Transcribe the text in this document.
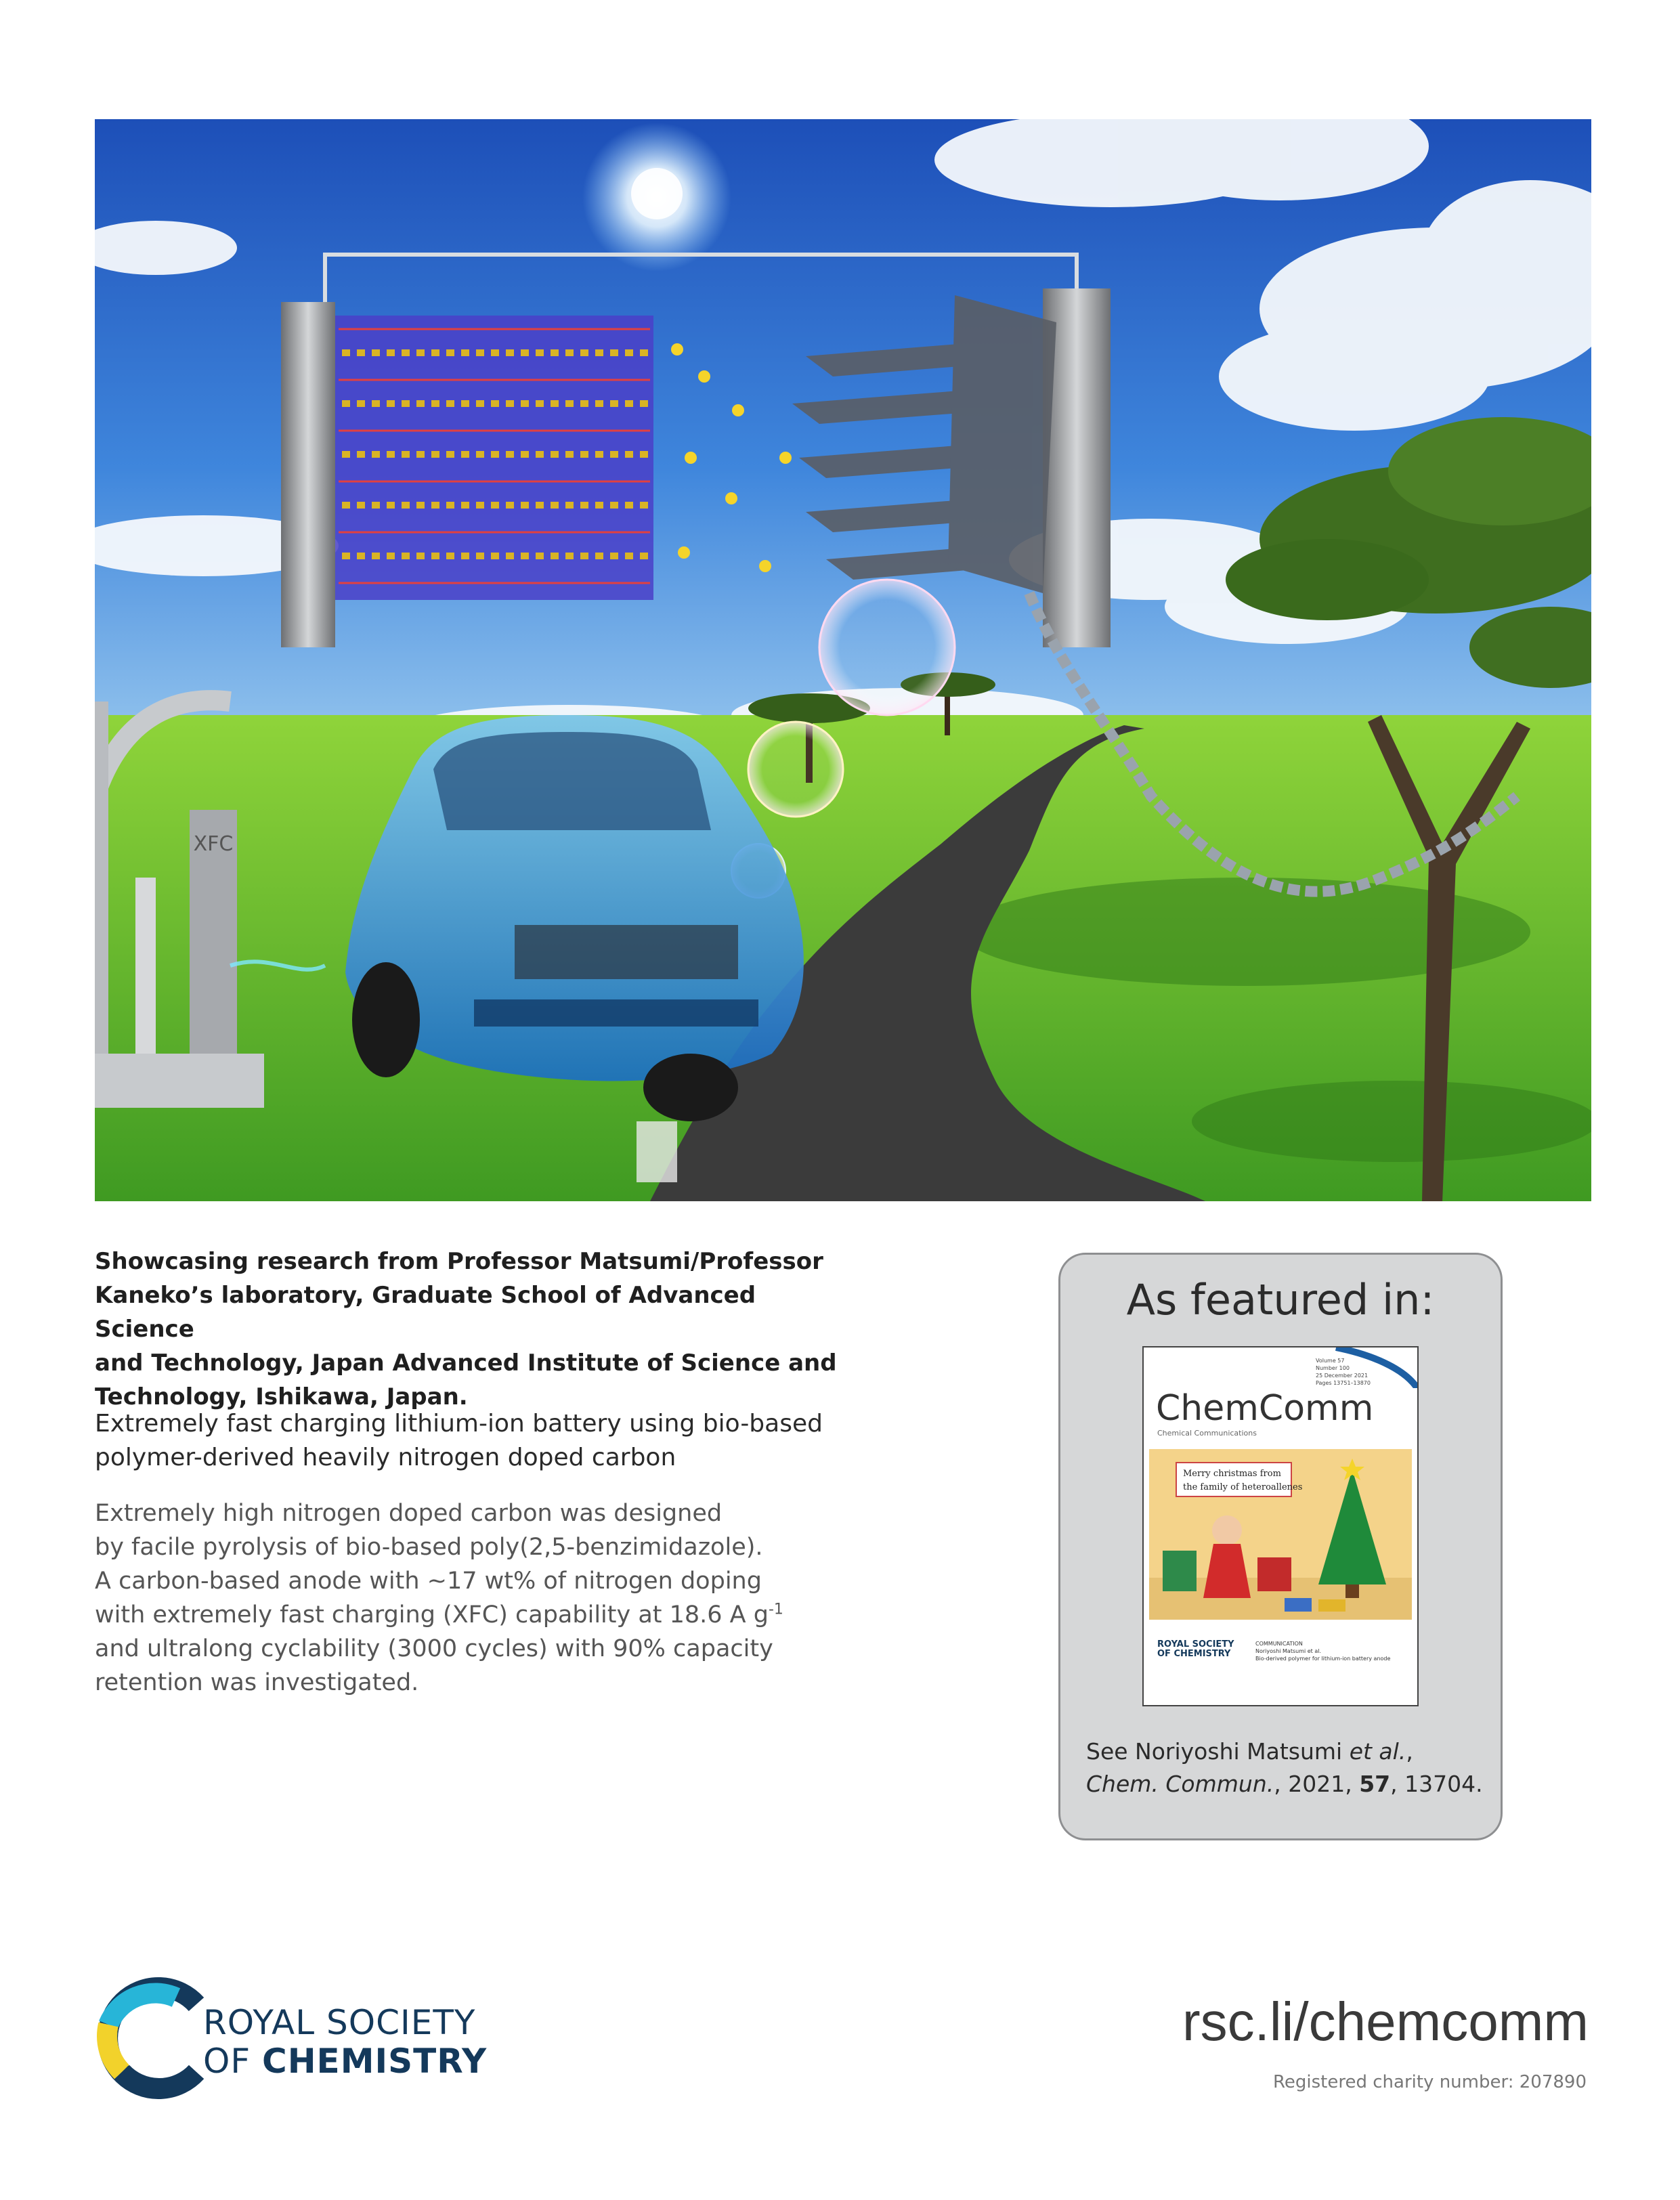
XFC
Showcasing research from Professor Matsumi/Professor
Kaneko’s laboratory, Graduate School of Advanced Science
and Technology, Japan Advanced Institute of Science and
Technology, Ishikawa, Japan.
Extremely fast charging lithium-ion battery using bio-based
polymer-derived heavily nitrogen doped carbon
Extremely high nitrogen doped carbon was designed
by facile pyrolysis of bio-based poly(2,5-benzimidazole).
A carbon-based anode with ~17 wt% of nitrogen doping
with extremely fast charging (XFC) capability at 18.6 A $g^{-1}$
and ultralong cyclability (3000 cycles) with 90% capacity
retention was investigated.
As featured in:
Volume 57
Number 100
25 December 2021
Pages 13751–13870
ChemComm
Chemical Communications
Merry christmas from
the family of heteroallenes
ROYAL SOCIETY
OF CHEMISTRY
COMMUNICATION
Noriyoshi Matsumi et al.
Bio-derived polymer for lithium-ion battery anode
See Noriyoshi Matsumi et al.,
Chem. Commun., 2021, 57, 13704.
ROYAL SOCIETY
OF CHEMISTRY
rsc.li/chemcomm
Registered charity number: 207890
